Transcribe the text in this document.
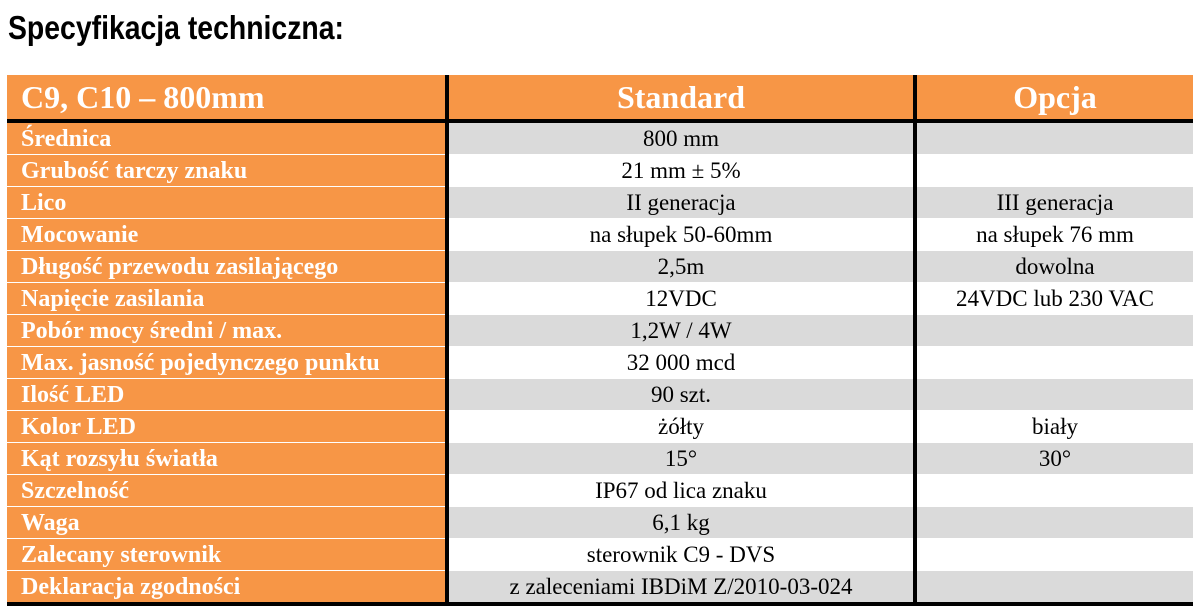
Specyfikacja techniczna:
C9, C10 – 800mm	Standard	Opcja
Średnica	800 mm	
Grubość tarczy znaku	21 mm ± 5%	
Lico	II generacja	III generacja
Mocowanie	na słupek 50-60mm	na słupek 76 mm
Długość przewodu zasilającego	2,5m	dowolna
Napięcie zasilania	12VDC	24VDC lub 230 VAC
Pobór mocy średni / max.	1,2W / 4W	
Max. jasność pojedynczego punktu	32 000 mcd	
Ilość LED	90 szt.	
Kolor LED	żółty	biały
Kąt rozsyłu światła	15°	30°
Szczelność	IP67 od lica znaku	
Waga	6,1 kg	
Zalecany sterownik	sterownik C9 - DVS	
Deklaracja zgodności	z zaleceniami IBDiM Z/2010-03-024	
